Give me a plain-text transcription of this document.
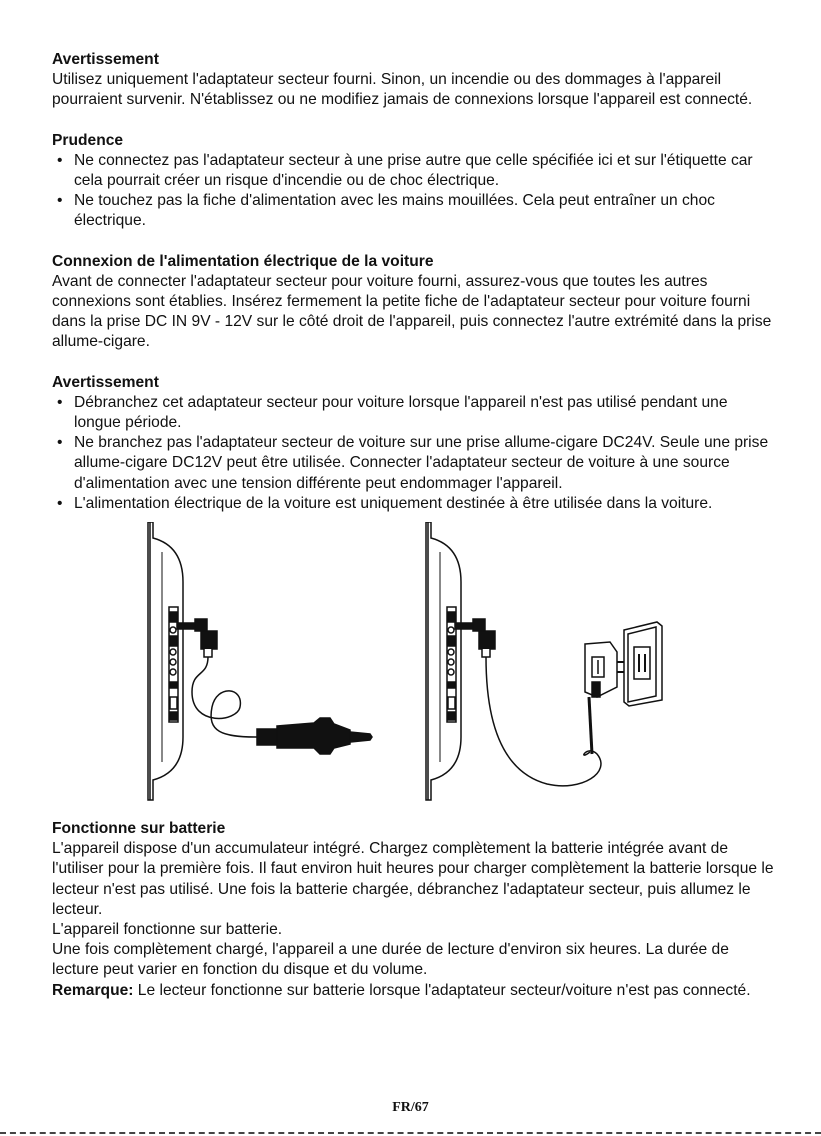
Avertissement

Utilisez uniquement l'adaptateur secteur fourni. Sinon, un incendie ou des dommages à l'appareil pourraient survenir. N'établissez ou ne modifiez jamais de connexions lorsque l'appareil est connecté.

Prudence
• Ne connectez pas l'adaptateur secteur à une prise autre que celle spécifiée ici et sur l'étiquette car cela pourrait créer un risque d'incendie ou de choc électrique.
• Ne touchez pas la fiche d'alimentation avec les mains mouillées. Cela peut entraîner un choc électrique.
Connexion de l'alimentation électrique de la voiture

Avant de connecter l'adaptateur secteur pour voiture fourni, assurez-vous que toutes les autres connexions sont établies. Insérez fermement la petite fiche de l'adaptateur secteur pour voiture fourni dans la prise DC IN 9V - 12V sur le côté droit de l'appareil, puis connectez l'autre extrémité dans la prise allume-cigare.

Avertissement
• Débranchez cet adaptateur secteur pour voiture lorsque l'appareil n'est pas utilisé pendant une longue période.
• Ne branchez pas l'adaptateur secteur de voiture sur une prise allume-cigare DC24V. Seule une prise allume-cigare DC12V peut être utilisée. Connecter l'adaptateur secteur de voiture à une source d'alimentation avec une tension différente peut endommager l'appareil.
• L'alimentation électrique de la voiture est uniquement destinée à être utilisée dans la voiture.
Fonctionne sur batterie

L'appareil dispose d'un accumulateur intégré. Chargez complètement la batterie intégrée avant de l'utiliser pour la première fois. Il faut environ huit heures pour charger complètement la batterie lorsque le lecteur n'est pas utilisé. Une fois la batterie chargée, débranchez l'adaptateur secteur, puis allumez le lecteur.

L'appareil fonctionne sur batterie.

Une fois complètement chargé, l'appareil a une durée de lecture d'environ six heures. La durée de lecture peut varier en fonction du disque et du volume.

Remarque: Le lecteur fonctionne sur batterie lorsque l'adaptateur secteur/voiture n'est pas connecté.

FR/67
